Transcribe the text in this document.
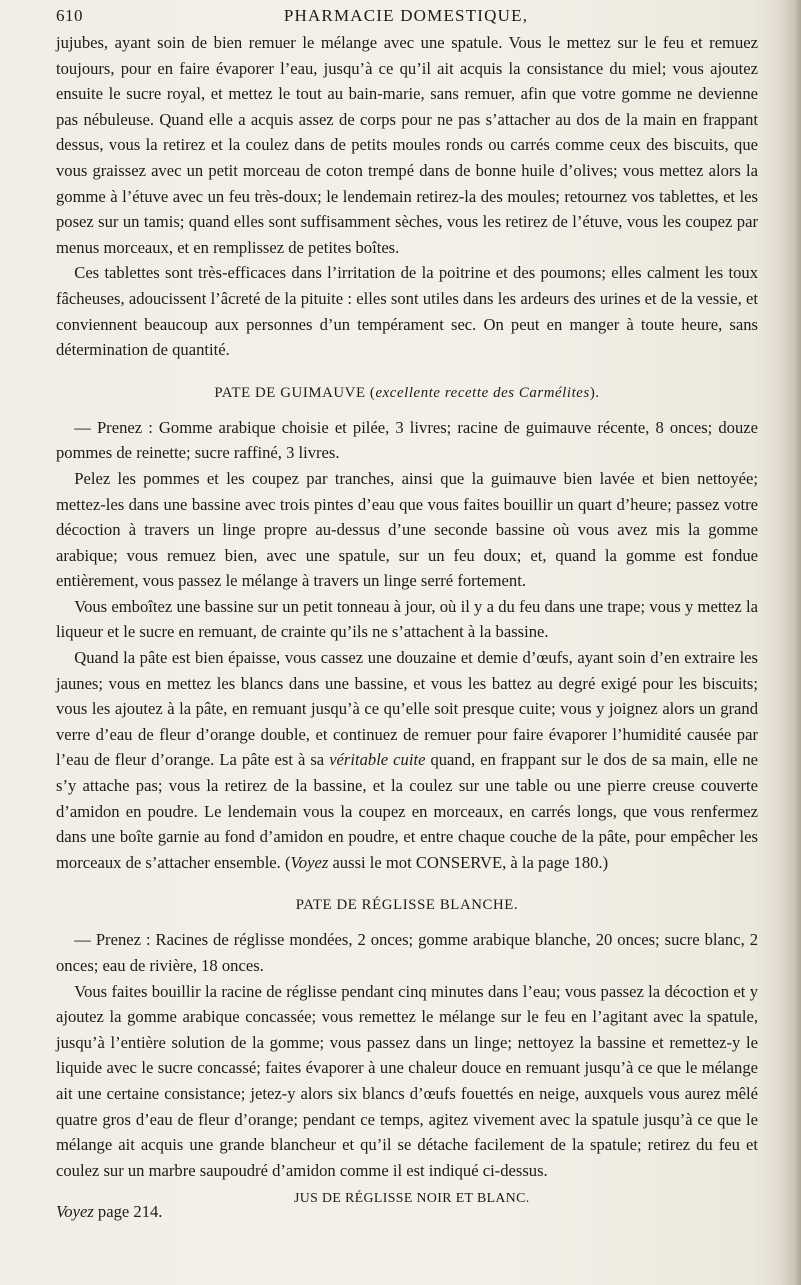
610	PHARMACIE DOMESTIQUE,

jujubes, ayant soin de bien remuer le mélange avec une spatule. Vous le mettez sur le feu et remuez toujours, pour en faire évaporer l’eau, jusqu’à ce qu’il ait acquis la consistance du miel; vous ajoutez ensuite le sucre royal, et mettez le tout au bain-marie, sans remuer, afin que votre gomme ne devienne pas nébuleuse. Quand elle a acquis assez de corps pour ne pas s’attacher au dos de la main en frappant dessus, vous la retirez et la coulez dans de petits moules ronds ou carrés comme ceux des biscuits, que vous graissez avec un petit morceau de coton trempé dans de bonne huile d’olives; vous mettez alors la gomme à l’étuve avec un feu très-doux; le lendemain retirez-la des moules; retournez vos tablettes, et les posez sur un tamis; quand elles sont suffisamment sèches, vous les retirez de l’étuve, vous les coupez par menus morceaux, et en remplissez de petites boîtes.

Ces tablettes sont très-efficaces dans l’irritation de la poitrine et des poumons; elles calment les toux fâcheuses, adoucissent l’âcreté de la pituite : elles sont utiles dans les ardeurs des urines et de la vessie, et conviennent beaucoup aux personnes d’un tempérament sec. On peut en manger à toute heure, sans détermination de quantité.

PATE DE GUIMAUVE (excellente recette des Carmélites).

— Prenez : Gomme arabique choisie et pilée, 3 livres; racine de guimauve récente, 8 onces; douze pommes de reinette; sucre raffiné, 3 livres.

Pelez les pommes et les coupez par tranches, ainsi que la guimauve bien lavée et bien nettoyée; mettez-les dans une bassine avec trois pintes d’eau que vous faites bouillir un quart d’heure; passez votre décoction à travers un linge propre au-dessus d’une seconde bassine où vous avez mis la gomme arabique; vous remuez bien, avec une spatule, sur un feu doux; et, quand la gomme est fondue entièrement, vous passez le mélange à travers un linge serré fortement.

Vous emboîtez une bassine sur un petit tonneau à jour, où il y a du feu dans une trape; vous y mettez la liqueur et le sucre en remuant, de crainte qu’ils ne s’attachent à la bassine.

Quand la pâte est bien épaisse, vous cassez une douzaine et demie d’œufs, ayant soin d’en extraire les jaunes; vous en mettez les blancs dans une bassine, et vous les battez au degré exigé pour les biscuits; vous les ajoutez à la pâte, en remuant jusqu’à ce qu’elle soit presque cuite; vous y joignez alors un grand verre d’eau de fleur d’orange double, et continuez de remuer pour faire évaporer l’humidité causée par l’eau de fleur d’orange. La pâte est à sa véritable cuite quand, en frappant sur le dos de sa main, elle ne s’y attache pas; vous la retirez de la bassine, et la coulez sur une table ou une pierre creuse couverte d’amidon en poudre. Le lendemain vous la coupez en morceaux, en carrés longs, que vous renfermez dans une boîte garnie au fond d’amidon en poudre, et entre chaque couche de la pâte, pour empêcher les morceaux de s’attacher ensemble. (Voyez aussi le mot CONSERVE, à la page 180.)

PATE DE RÉGLISSE BLANCHE.

— Prenez : Racines de réglisse mondées, 2 onces; gomme arabique blanche, 20 onces; sucre blanc, 2 onces; eau de rivière, 18 onces.

Vous faites bouillir la racine de réglisse pendant cinq minutes dans l’eau; vous passez la décoction et y ajoutez la gomme arabique concassée; vous remettez le mélange sur le feu en l’agitant avec la spatule, jusqu’à l’entière solution de la gomme; vous passez dans un linge; nettoyez la bassine et remettez-y le liquide avec le sucre concassé; faites évaporer à une chaleur douce en remuant jusqu’à ce que le mélange ait une certaine consistance; jetez-y alors six blancs d’œufs fouettés en neige, auxquels vous aurez mêlé quatre gros d’eau de fleur d’orange; pendant ce temps, agitez vivement avec la spatule jusqu’à ce que le mélange ait acquis une grande blancheur et qu’il se détache facilement de la spatule; retirez du feu et coulez sur un marbre saupoudré d’amidon comme il est indiqué ci-dessus.

Voyez page 214.
JUS DE RÉGLISSE NOIR ET BLANC.
